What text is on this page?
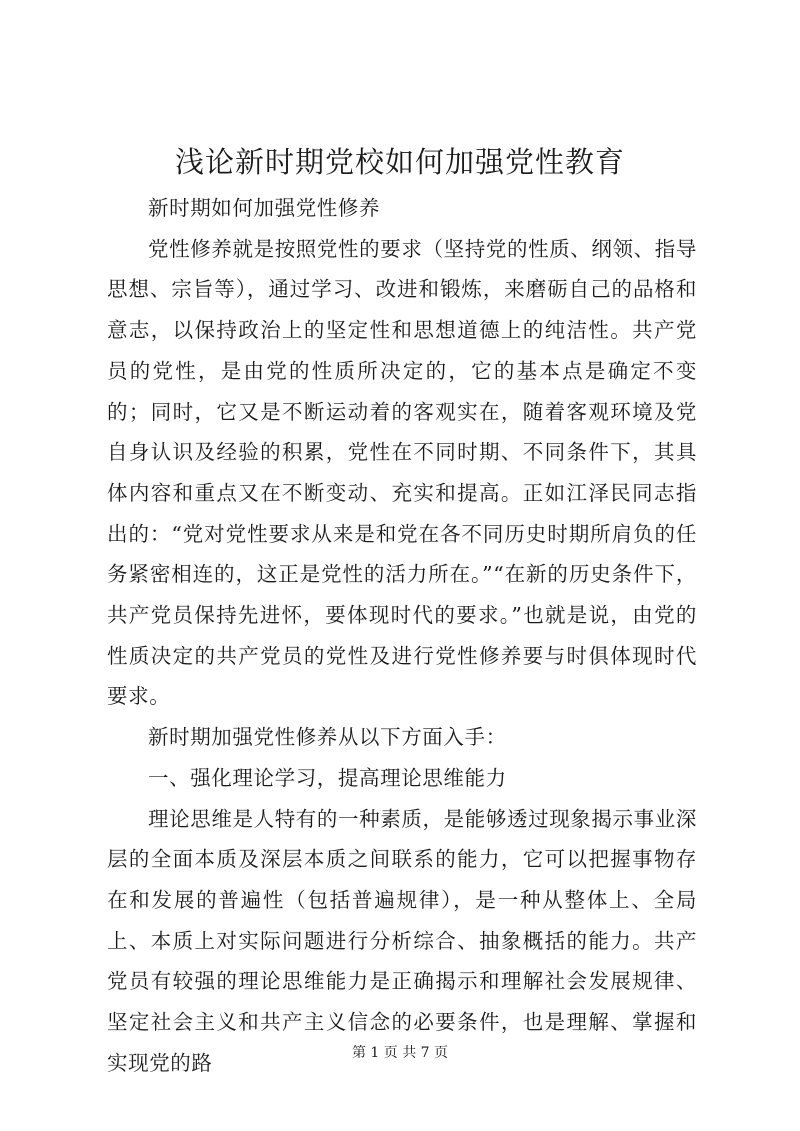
浅论新时期党校如何加强党性教育

新时期如何加强党性修养

党性修养就是按照党性的要求（坚持党的性质、纲领、指导思想、宗旨等），通过学习、改进和锻炼，来磨砺自己的品格和意志，以保持政治上的坚定性和思想道德上的纯洁性。共产党员的党性，是由党的性质所决定的，它的基本点是确定不变的；同时，它又是不断运动着的客观实在，随着客观环境及党自身认识及经验的积累，党性在不同时期、不同条件下，其具体内容和重点又在不断变动、充实和提高。正如江泽民同志指出的：“党对党性要求从来是和党在各不同历史时期所肩负的任务紧密相连的，这正是党性的活力所在。”“在新的历史条件下，共产党员保持先进怀，要体现时代的要求。”也就是说，由党的性质决定的共产党员的党性及进行党性修养要与时俱体现时代要求。

新时期加强党性修养从以下方面入手：

一、强化理论学习，提高理论思维能力

理论思维是人特有的一种素质，是能够透过现象揭示事业深层的全面本质及深层本质之间联系的能力，它可以把握事物存在和发展的普遍性（包括普遍规律），是一种从整体上、全局上、本质上对实际问题进行分析综合、抽象概括的能力。共产党员有较强的理论思维能力是正确揭示和理解社会发展规律、坚定社会主义和共产主义信念的必要条件，也是理解、掌握和实现党的路	第 1 页 共 7 页
